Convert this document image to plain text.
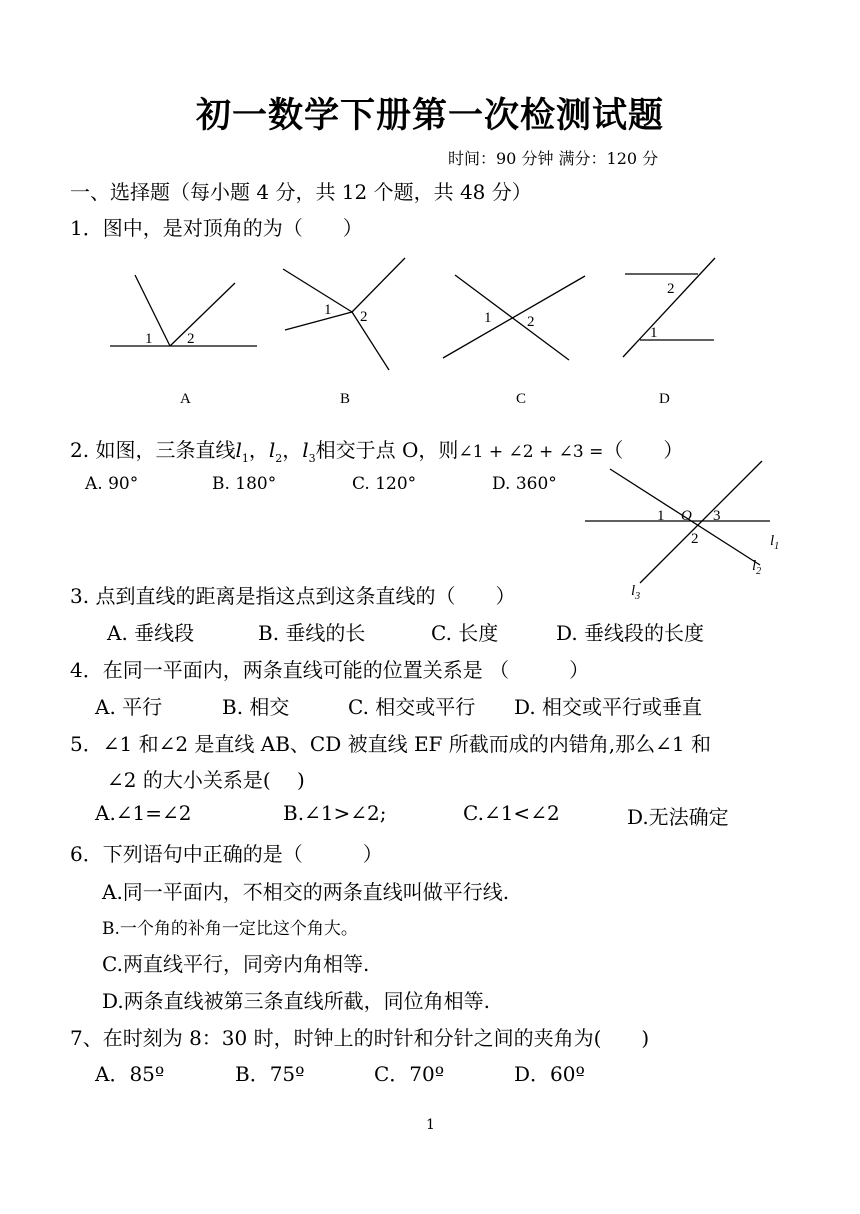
初一数学下册第一次检测试题
时间：90 分钟 满分：120 分
一、选择题（每小题 4 分，共 12 个题，共 48 分）
1．图中，是对顶角的为（　　）
1 2
A
1 2
B
1 2
C
2
1
D
2. 如图，三条直线$l_1$，$l_2$，$l_3$相交于点 O，则∠1 + ∠2 + ∠3 =（　　）
A. 90°	B. 180°	C. 120°	D. 360°
1 O 3
2	$l_1$
$l_2$
$l_3$
3. 点到直线的距离是指这点到这条直线的（　　）
A. 垂线段	B. 垂线的长	C. 长度	D. 垂线段的长度
4．在同一平面内，两条直线可能的位置关系是 （　　　）
A. 平行	B. 相交	C. 相交或平行 D. 相交或平行或垂直
5．∠1 和∠2 是直线 AB、CD 被直线 EF 所截而成的内错角,那么∠1 和
∠2 的大小关系是(　 )
A.∠1=∠2	B.∠1>∠2;	C.∠1<∠2	D.无法确定
6．下列语句中正确的是（　　　）
A.同一平面内，不相交的两条直线叫做平行线.
B.一个角的补角一定比这个角大。
C.两直线平行，同旁内角相等.
D.两条直线被第三条直线所截，同位角相等.
7、在时刻为 8：30 时，时钟上的时针和分针之间的夹角为(　　)
A．85º	B．75º	C．70º	D．60º
1
